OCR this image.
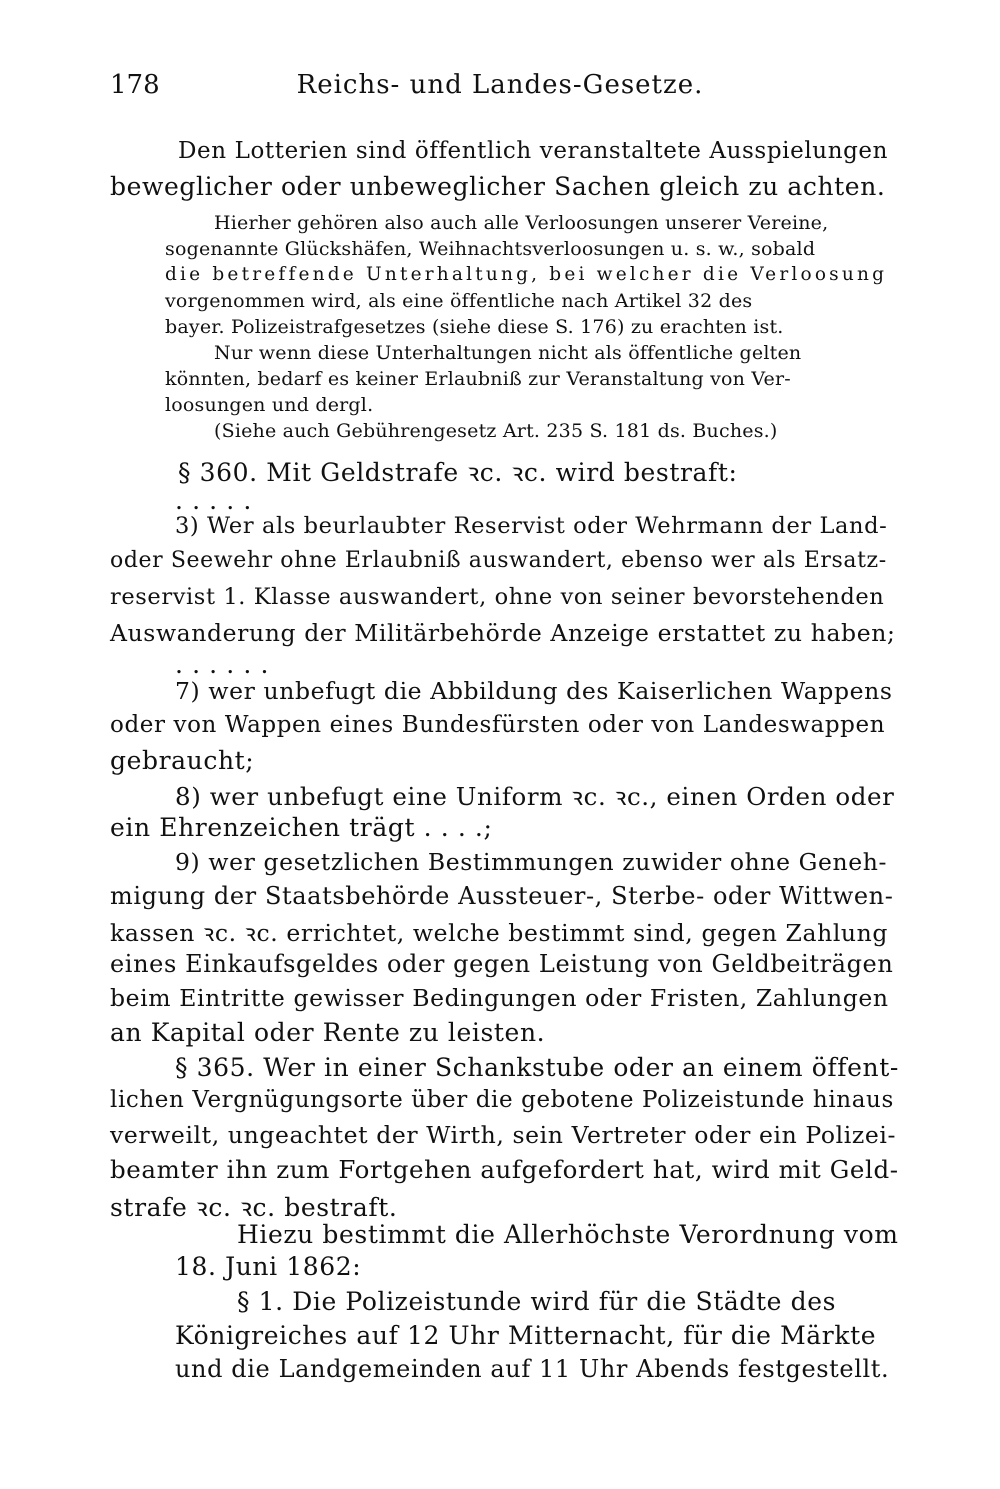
178	Reichs- und Landes-Gesetze.
Den Lotterien sind öffentlich veranstaltete Ausspielungen
beweglicher oder unbeweglicher Sachen gleich zu achten.
Hierher gehören also auch alle Verloosungen unserer Vereine,
sogenannte Glückshäfen, Weihnachtsverloosungen u. s. w., sobald
die betreffende Unterhaltung, bei welcher die Verloosung
vorgenommen wird, als eine öffentliche nach Artikel 32 des
bayer. Polizeistrafgesetzes (siehe diese S. 176) zu erachten ist.
Nur wenn diese Unterhaltungen nicht als öffentliche gelten
könnten, bedarf es keiner Erlaubniß zur Veranstaltung von Ver-
loosungen und dergl.
(Siehe auch Gebührengesetz Art. 235 S. 181 ds. Buches.)
§ 360. Mit Geldstrafe ꝛc. ꝛc. wird bestraft:
. . . . .
3) Wer als beurlaubter Reservist oder Wehrmann der Land-
oder Seewehr ohne Erlaubniß auswandert, ebenso wer als Ersatz-
reservist 1. Klasse auswandert, ohne von seiner bevorstehenden
Auswanderung der Militärbehörde Anzeige erstattet zu haben;
. . . . . .
7) wer unbefugt die Abbildung des Kaiserlichen Wappens
oder von Wappen eines Bundesfürsten oder von Landeswappen
gebraucht;
8) wer unbefugt eine Uniform ꝛc. ꝛc., einen Orden oder
ein Ehrenzeichen trägt . . . .;
9) wer gesetzlichen Bestimmungen zuwider ohne Geneh-
migung der Staatsbehörde Aussteuer-, Sterbe- oder Wittwen-
kassen ꝛc. ꝛc. errichtet, welche bestimmt sind, gegen Zahlung
eines Einkaufsgeldes oder gegen Leistung von Geldbeiträgen
beim Eintritte gewisser Bedingungen oder Fristen, Zahlungen
an Kapital oder Rente zu leisten.
§ 365. Wer in einer Schankstube oder an einem öffent-
lichen Vergnügungsorte über die gebotene Polizeistunde hinaus
verweilt, ungeachtet der Wirth, sein Vertreter oder ein Polizei-
beamter ihn zum Fortgehen aufgefordert hat, wird mit Geld-
strafe ꝛc. ꝛc. bestraft.
Hiezu bestimmt die Allerhöchste Verordnung vom
18. Juni 1862:
§ 1. Die Polizeistunde wird für die Städte des
Königreiches auf 12 Uhr Mitternacht, für die Märkte
und die Landgemeinden auf 11 Uhr Abends festgestellt.
